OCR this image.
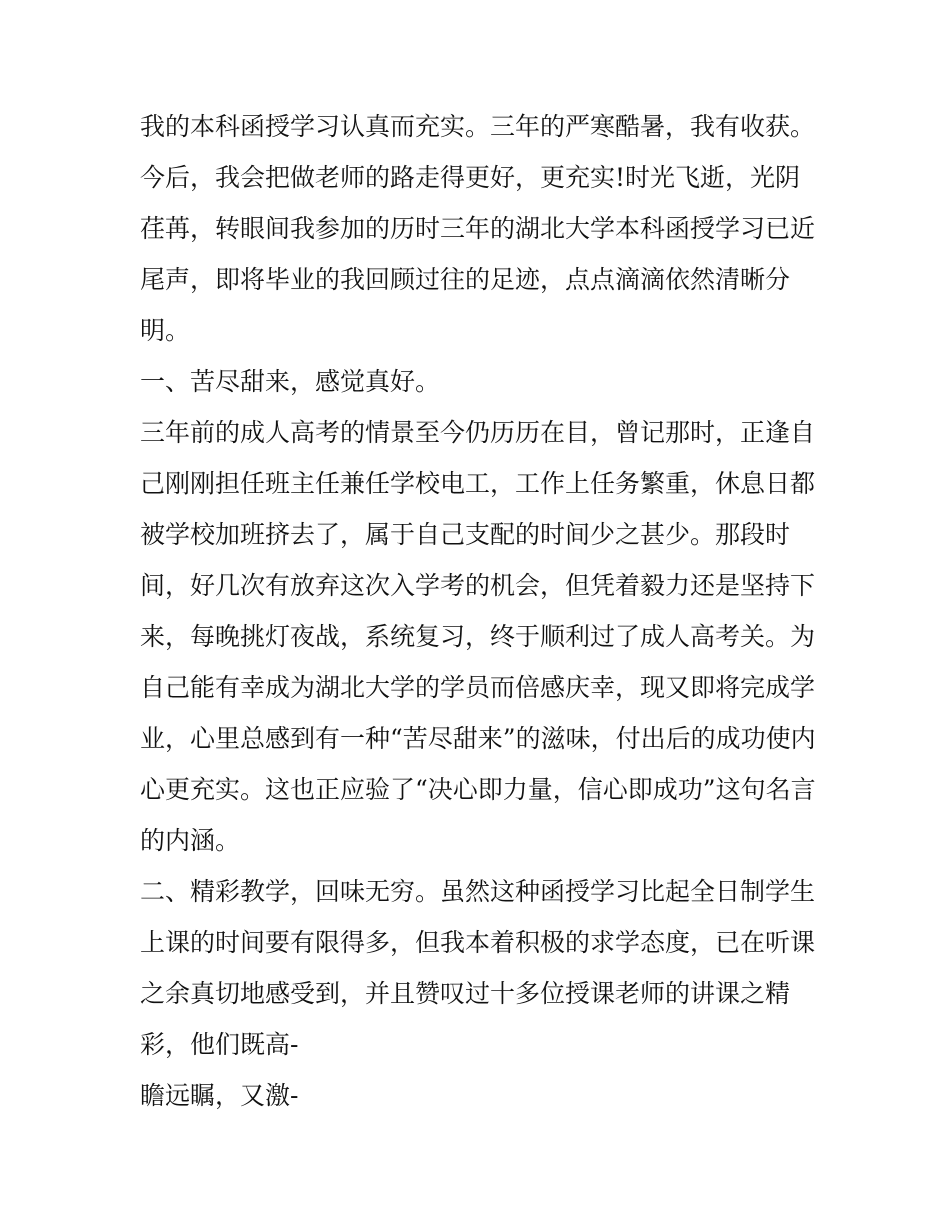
我的本科函授学习认真而充实。三年的严寒酷暑，我有收获。
今后，我会把做老师的路走得更好，更充实!时光飞逝，光阴
荏苒，转眼间我参加的历时三年的湖北大学本科函授学习已近
尾声，即将毕业的我回顾过往的足迹，点点滴滴依然清晰分
明。
一、苦尽甜来，感觉真好。
三年前的成人高考的情景至今仍历历在目，曾记那时，正逢自
己刚刚担任班主任兼任学校电工，工作上任务繁重，休息日都
被学校加班挤去了，属于自己支配的时间少之甚少。那段时
间，好几次有放弃这次入学考的机会，但凭着毅力还是坚持下
来，每晚挑灯夜战，系统复习，终于顺利过了成人高考关。为
自己能有幸成为湖北大学的学员而倍感庆幸，现又即将完成学
业，心里总感到有一种“苦尽甜来”的滋味，付出后的成功使内
心更充实。这也正应验了“决心即力量，信心即成功”这句名言
的内涵。
二、精彩教学，回味无穷。虽然这种函授学习比起全日制学生
上课的时间要有限得多，但我本着积极的求学态度，已在听课
之余真切地感受到，并且赞叹过十多位授课老师的讲课之精
彩，他们既高-
瞻远瞩，又激-
